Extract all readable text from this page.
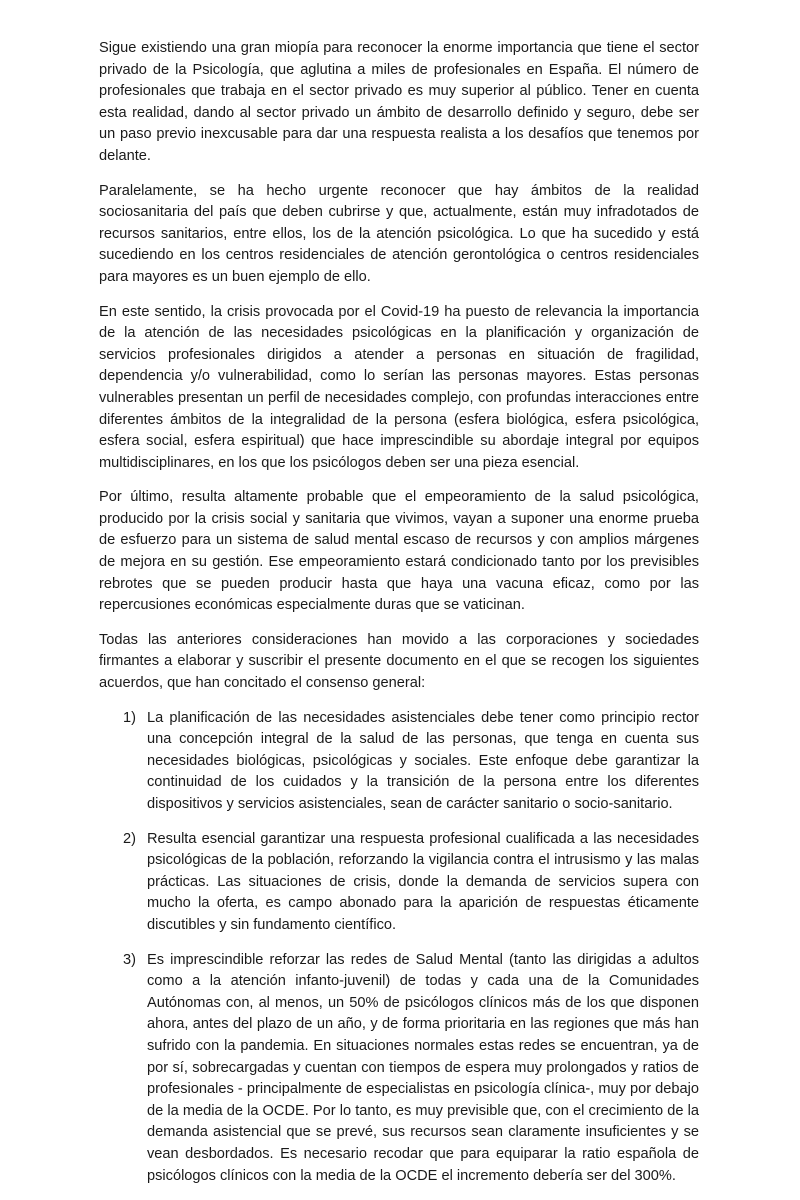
Sigue existiendo una gran miopía para reconocer la enorme importancia que tiene el sector privado de la Psicología, que aglutina a miles de profesionales en España. El número de profesionales que trabaja en el sector privado es muy superior al público. Tener en cuenta esta realidad, dando al sector privado un ámbito de desarrollo definido y seguro, debe ser un paso previo inexcusable para dar una respuesta realista a los desafíos que tenemos por delante.

Paralelamente, se ha hecho urgente reconocer que hay ámbitos de la realidad sociosanitaria del país que deben cubrirse y que, actualmente, están muy infradotados de recursos sanitarios, entre ellos, los de la atención psicológica. Lo que ha sucedido y está sucediendo en los centros residenciales de atención gerontológica o centros residenciales para mayores es un buen ejemplo de ello.

En este sentido, la crisis provocada por el Covid-19 ha puesto de relevancia la importancia de la atención de las necesidades psicológicas en la planificación y organización de servicios profesionales dirigidos a atender a personas en situación de fragilidad, dependencia y/o vulnerabilidad, como lo serían las personas mayores. Estas personas vulnerables presentan un perfil de necesidades complejo, con profundas interacciones entre diferentes ámbitos de la integralidad de la persona (esfera biológica, esfera psicológica, esfera social, esfera espiritual) que hace imprescindible su abordaje integral por equipos multidisciplinares, en los que los psicólogos deben ser una pieza esencial.

Por último, resulta altamente probable que el empeoramiento de la salud psicológica, producido por la crisis social y sanitaria que vivimos, vayan a suponer una enorme prueba de esfuerzo para un sistema de salud mental escaso de recursos y con amplios márgenes de mejora en su gestión. Ese empeoramiento estará condicionado tanto por los previsibles rebrotes que se pueden producir hasta que haya una vacuna eficaz, como por las repercusiones económicas especialmente duras que se vaticinan.

Todas las anteriores consideraciones han movido a las corporaciones y sociedades firmantes a elaborar y suscribir el presente documento en el que se recogen los siguientes acuerdos, que han concitado el consenso general:

1) La planificación de las necesidades asistenciales debe tener como principio rector una concepción integral de la salud de las personas, que tenga en cuenta sus necesidades biológicas, psicológicas y sociales. Este enfoque debe garantizar la continuidad de los cuidados y la transición de la persona entre los diferentes dispositivos y servicios asistenciales, sean de carácter sanitario o socio-sanitario.

2) Resulta esencial garantizar una respuesta profesional cualificada a las necesidades psicológicas de la población, reforzando la vigilancia contra el intrusismo y las malas prácticas. Las situaciones de crisis, donde la demanda de servicios supera con mucho la oferta, es campo abonado para la aparición de respuestas éticamente discutibles y sin fundamento científico.

3) Es imprescindible reforzar las redes de Salud Mental (tanto las dirigidas a adultos como a la atención infanto-juvenil) de todas y cada una de la Comunidades Autónomas con, al menos, un 50% de psicólogos clínicos más de los que disponen ahora, antes del plazo de un año, y de forma prioritaria en las regiones que más han sufrido con la pandemia. En situaciones normales estas redes se encuentran, ya de por sí, sobrecargadas y cuentan con tiempos de espera muy prolongados y ratios de profesionales - principalmente de especialistas en psicología clínica-, muy por debajo de la media de la OCDE. Por lo tanto, es muy previsible que, con el crecimiento de la demanda asistencial que se prevé, sus recursos sean claramente insuficientes y se vean desbordados. Es necesario recodar que para equiparar la ratio española de psicólogos clínicos con la media de la OCDE el incremento debería ser del 300%.
